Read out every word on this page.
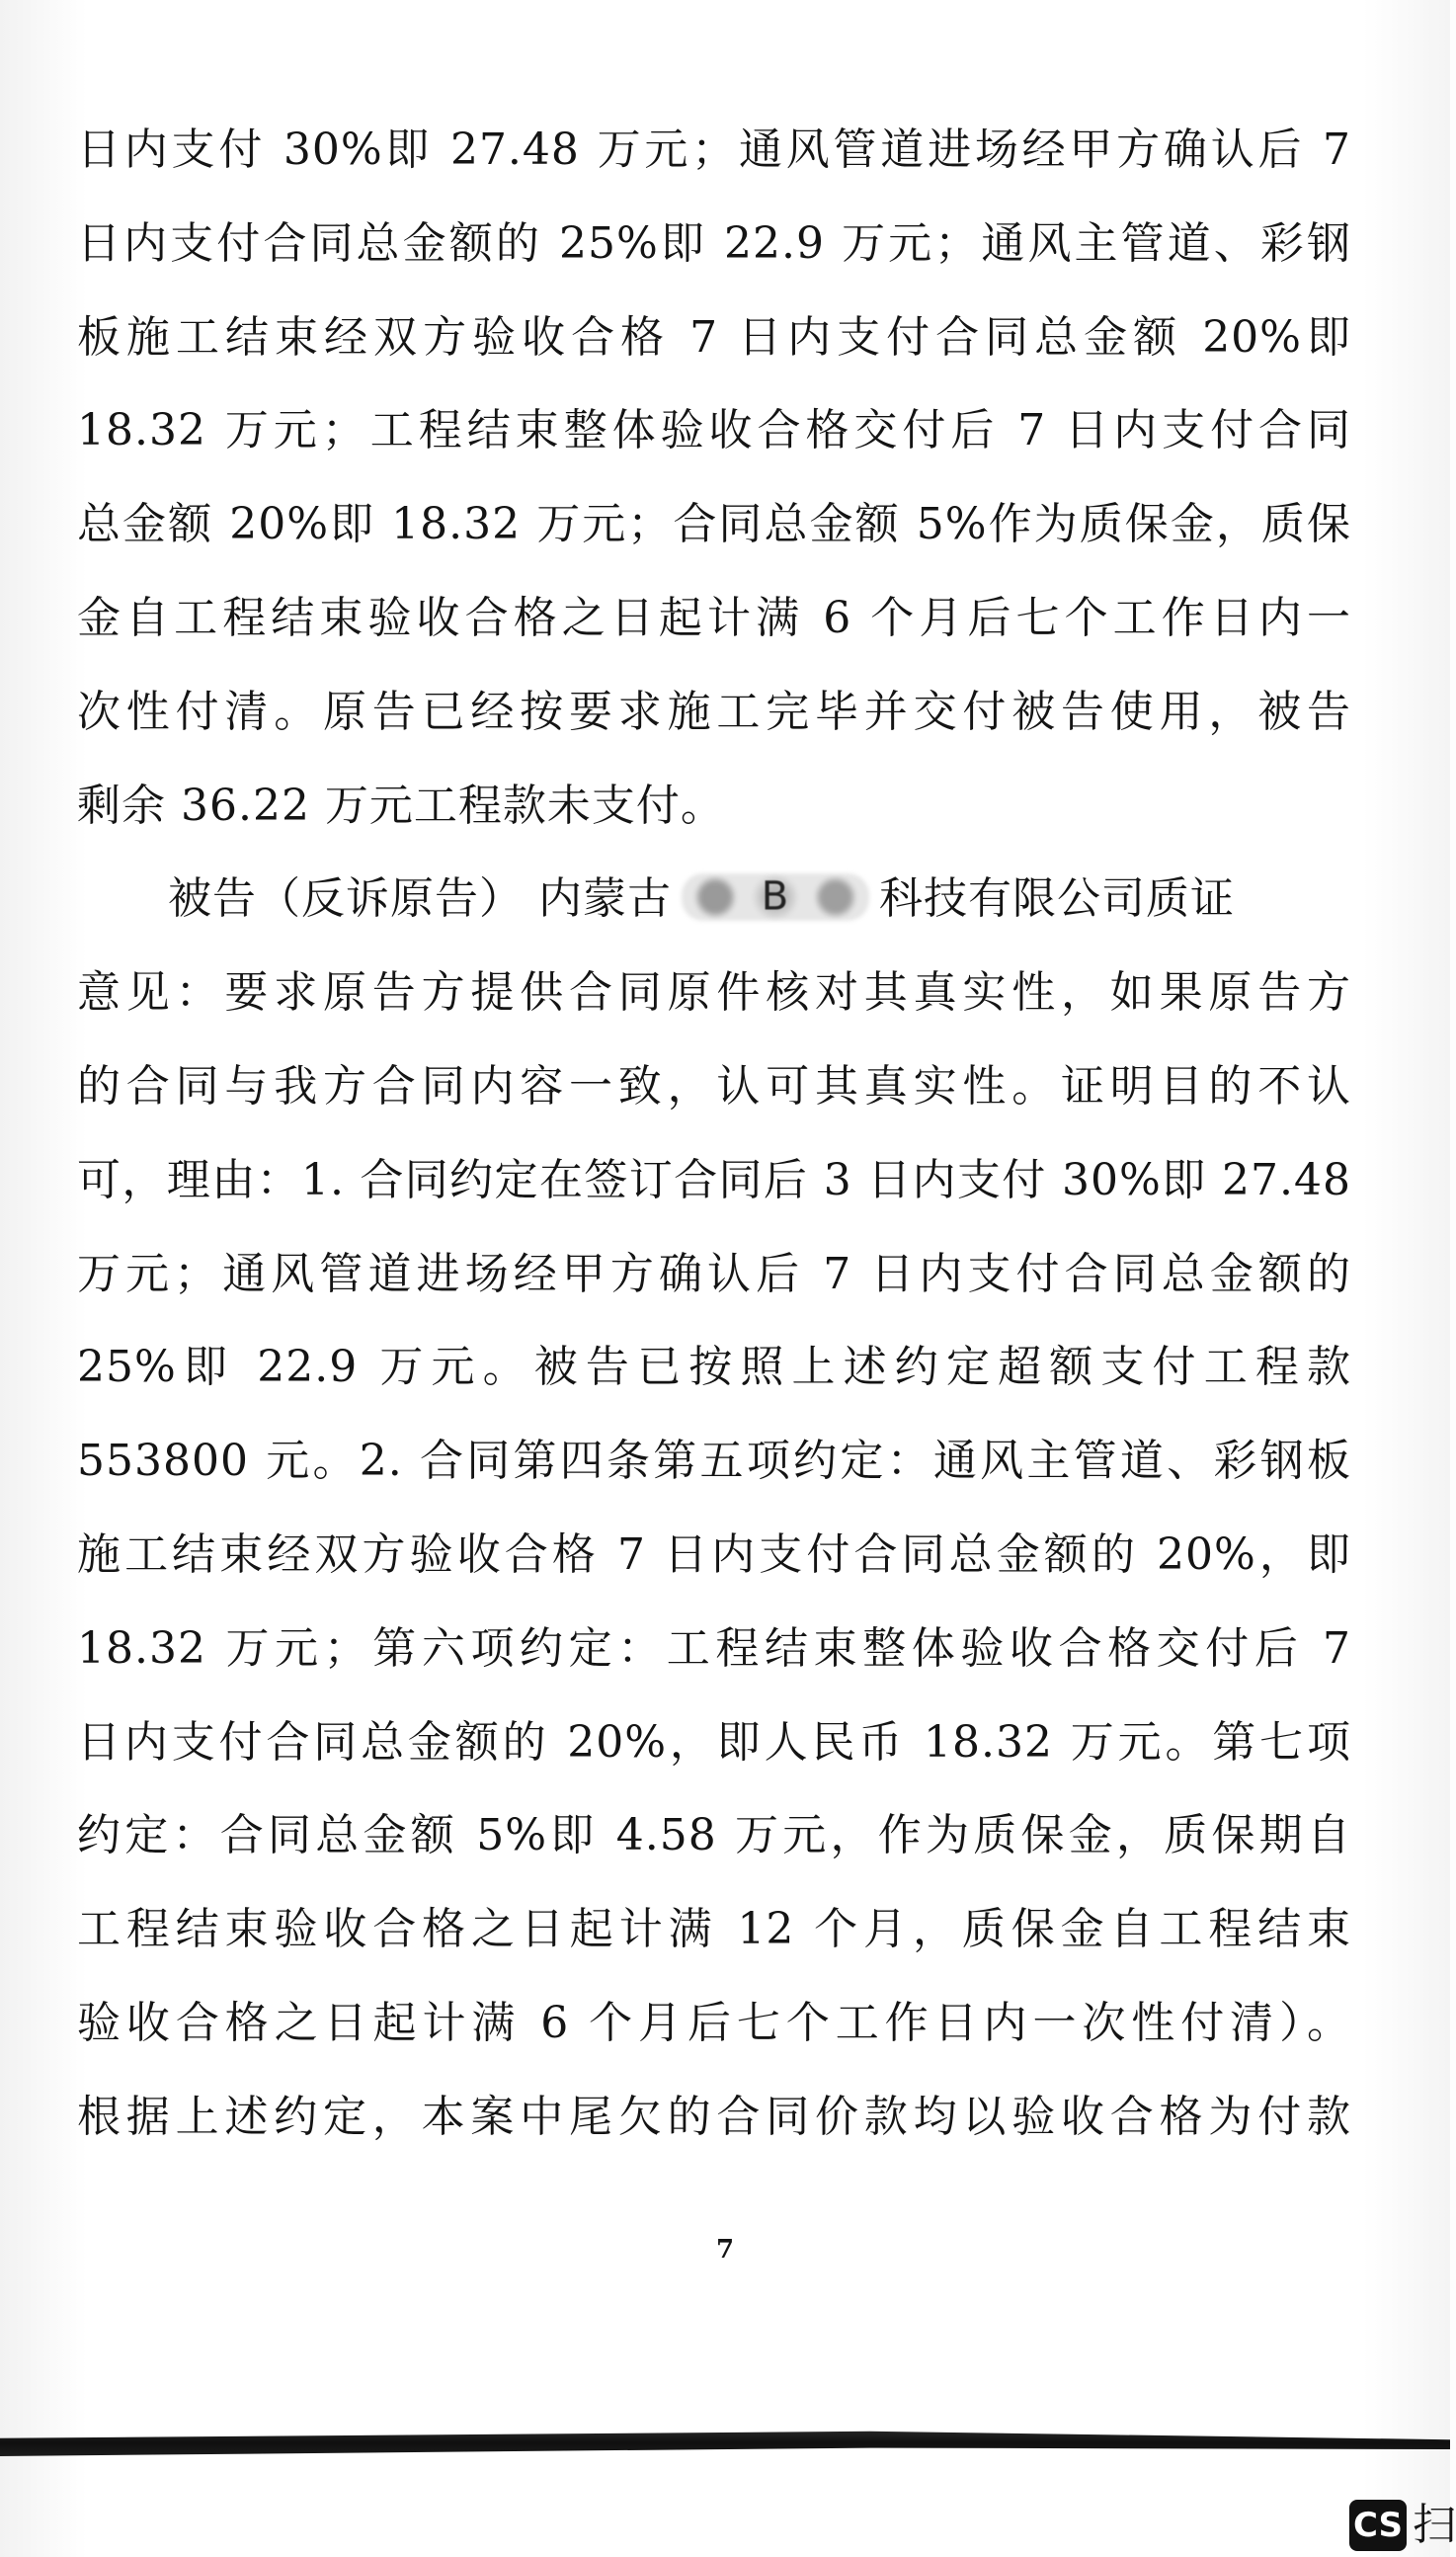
日内支付 30%即 27.48 万元；通风管道进场经甲方确认后 7
日内支付合同总金额的 25%即 22.9 万元；通风主管道、彩钢
板施工结束经双方验收合格 7 日内支付合同总金额 20%即
18.32 万元；工程结束整体验收合格交付后 7 日内支付合同
总金额 20%即 18.32 万元；合同总金额 5%作为质保金，质保
金自工程结束验收合格之日起计满 6 个月后七个工作日内一
次性付清。原告已经按要求施工完毕并交付被告使用，被告
剩余 36.22 万元工程款未支付。
被告（反诉原告） 内蒙古 B 科技有限公司质证
意见：要求原告方提供合同原件核对其真实性，如果原告方
的合同与我方合同内容一致，认可其真实性。证明目的不认
可，理由：1. 合同约定在签订合同后 3 日内支付 30%即 27.48
万元；通风管道进场经甲方确认后 7 日内支付合同总金额的
25%即 22.9 万元。被告已按照上述约定超额支付工程款
553800 元。2. 合同第四条第五项约定：通风主管道、彩钢板
施工结束经双方验收合格 7 日内支付合同总金额的 20%，即
18.32 万元；第六项约定：工程结束整体验收合格交付后 7
日内支付合同总金额的 20%，即人民币 18.32 万元。第七项
约定：合同总金额 5%即 4.58 万元，作为质保金，质保期自
工程结束验收合格之日起计满 12 个月，质保金自工程结束
验收合格之日起计满 6 个月后七个工作日内一次性付清）。
根据上述约定，本案中尾欠的合同价款均以验收合格为付款
7
CS 扫
